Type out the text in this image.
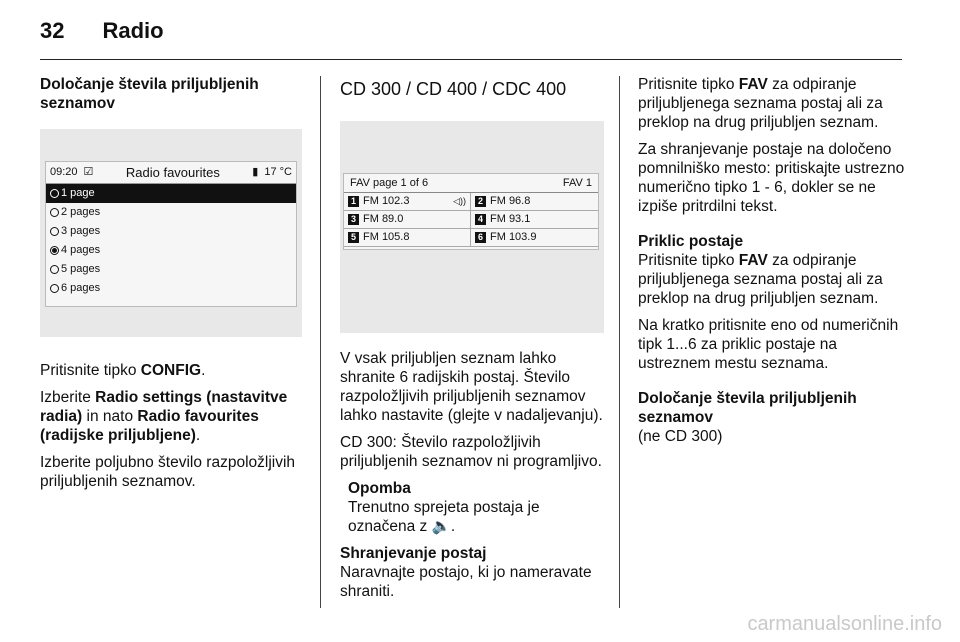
32 Radio

Določanje števila priljubljenih seznamov

09:20 ☑	Radio favourites	▮ 17 °C
1 page
2 pages
3 pages
4 pages
5 pages
6 pages

Pritisnite tipko CONFIG.

Izberite Radio settings (nastavitve radia) in nato Radio favourites (radijske priljubljene).

Izberite poljubno število razpoložljivih priljubljenih seznamov.

CD 300 / CD 400 / CDC 400

FAV page 1 of 6	FAV 1
1 FM 102.3	◁))	2 FM 96.8
3 FM 89.0	4 FM 93.1
5 FM 105.8	6 FM 103.9

V vsak priljubljen seznam lahko shranite 6 radijskih postaj. Število razpoložljivih priljubljenih seznamov lahko nastavite (glejte v nadaljevanju).

CD 300: Število razpoložljivih priljubljenih seznamov ni programljivo.

Opomba
Trenutno sprejeta postaja je označena z 🔈.

Shranjevanje postaj

Naravnajte postajo, ki jo nameravate shraniti.

Pritisnite tipko FAV za odpiranje priljubljenega seznama postaj ali za preklop na drug priljubljen seznam.

Za shranjevanje postaje na določeno pomnilniško mesto: pritiskajte ustrezno numerično tipko 1 - 6, dokler se ne izpiše pritrdilni tekst.

Priklic postaje

Pritisnite tipko FAV za odpiranje priljubljenega seznama postaj ali za preklop na drug priljubljen seznam.

Na kratko pritisnite eno od numeričnih tipk 1...6 za priklic postaje na ustreznem mestu seznama.

Določanje števila priljubljenih seznamov

(ne CD 300)

carmanualsonline.info
